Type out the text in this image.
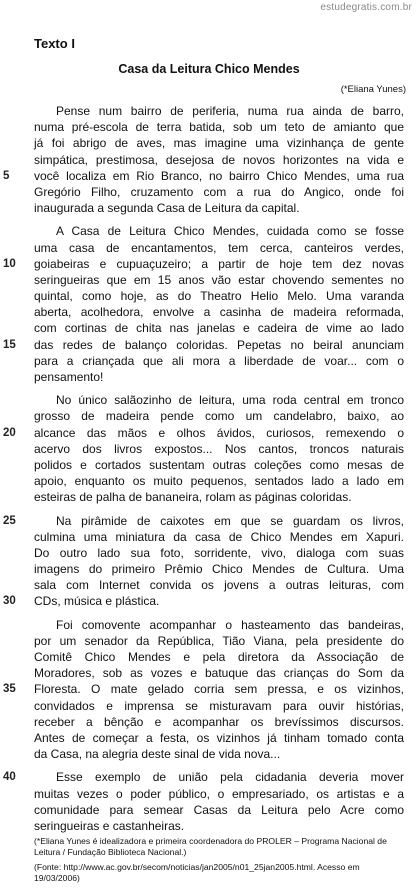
estudegratis.com.br
Texto I
Casa da Leitura Chico Mendes
(*Eliana Yunes)
Pense num bairro de periferia, numa rua ainda de barro,
numa pré-escola de terra batida, sob um teto de amianto que
já foi abrigo de aves, mas imagine uma vizinhança de gente
simpática, prestimosa, desejosa de novos horizontes na vida e
5 você localiza em Rio Branco, no bairro Chico Mendes, uma rua
Gregório Filho, cruzamento com a rua do Angico, onde foi
inaugurada a segunda Casa de Leitura da capital.
A Casa de Leitura Chico Mendes, cuidada como se fosse
uma casa de encantamentos, tem cerca, canteiros verdes,
10 goiabeiras e cupuaçuzeiro; a partir de hoje tem dez novas
seringueiras que em 15 anos vão estar chovendo sementes no
quintal, como hoje, as do Theatro Helio Melo. Uma varanda
aberta, acolhedora, envolve a casinha de madeira reformada,
com cortinas de chita nas janelas e cadeira de vime ao lado
15 das redes de balanço coloridas. Pepetas no beiral anunciam
para a criançada que ali mora a liberdade de voar... com o
pensamento!
No único salãozinho de leitura, uma roda central em tronco
grosso de madeira pende como um candelabro, baixo, ao
20 alcance das mãos e olhos ávidos, curiosos, remexendo o
acervo dos livros expostos... Nos cantos, troncos naturais
polidos e cortados sustentam outras coleções como mesas de
apoio, enquanto os muito pequenos, sentados lado a lado em
esteiras de palha de bananeira, rolam as páginas coloridas.
25	Na pirâmide de caixotes em que se guardam os livros,
culmina uma miniatura da casa de Chico Mendes em Xapuri.
Do outro lado sua foto, sorridente, vivo, dialoga com suas
imagens do primeiro Prêmio Chico Mendes de Cultura. Uma
sala com Internet convida os jovens a outras leituras, com
30 CDs, música e plástica.
Foi comovente acompanhar o hasteamento das bandeiras,
por um senador da República, Tião Viana, pela presidente do
Comitê Chico Mendes e pela diretora da Associação de
Moradores, sob as vozes e batuque das crianças do Som da
35 Floresta. O mate gelado corria sem pressa, e os vizinhos,
convidados e imprensa se misturavam para ouvir histórias,
receber a bênção e acompanhar os brevíssimos discursos.
Antes de começar a festa, os vizinhos já tinham tomado conta
da Casa, na alegria deste sinal de vida nova...
40	Esse exemplo de união pela cidadania deveria mover
muitas vezes o poder público, o empresariado, os artistas e a
comunidade para semear Casas da Leitura pelo Acre como
seringueiras e castanheiras.
(*Eliana Yunes é idealizadora e primeira coordenadora do PROLER – Programa Nacional de Leitura / Fundação Biblioteca Nacional.)
(Fonte: http://www.ac.gov.br/secom/noticias/jan2005/n01_25jan2005.html. Acesso em 19/03/2006)
